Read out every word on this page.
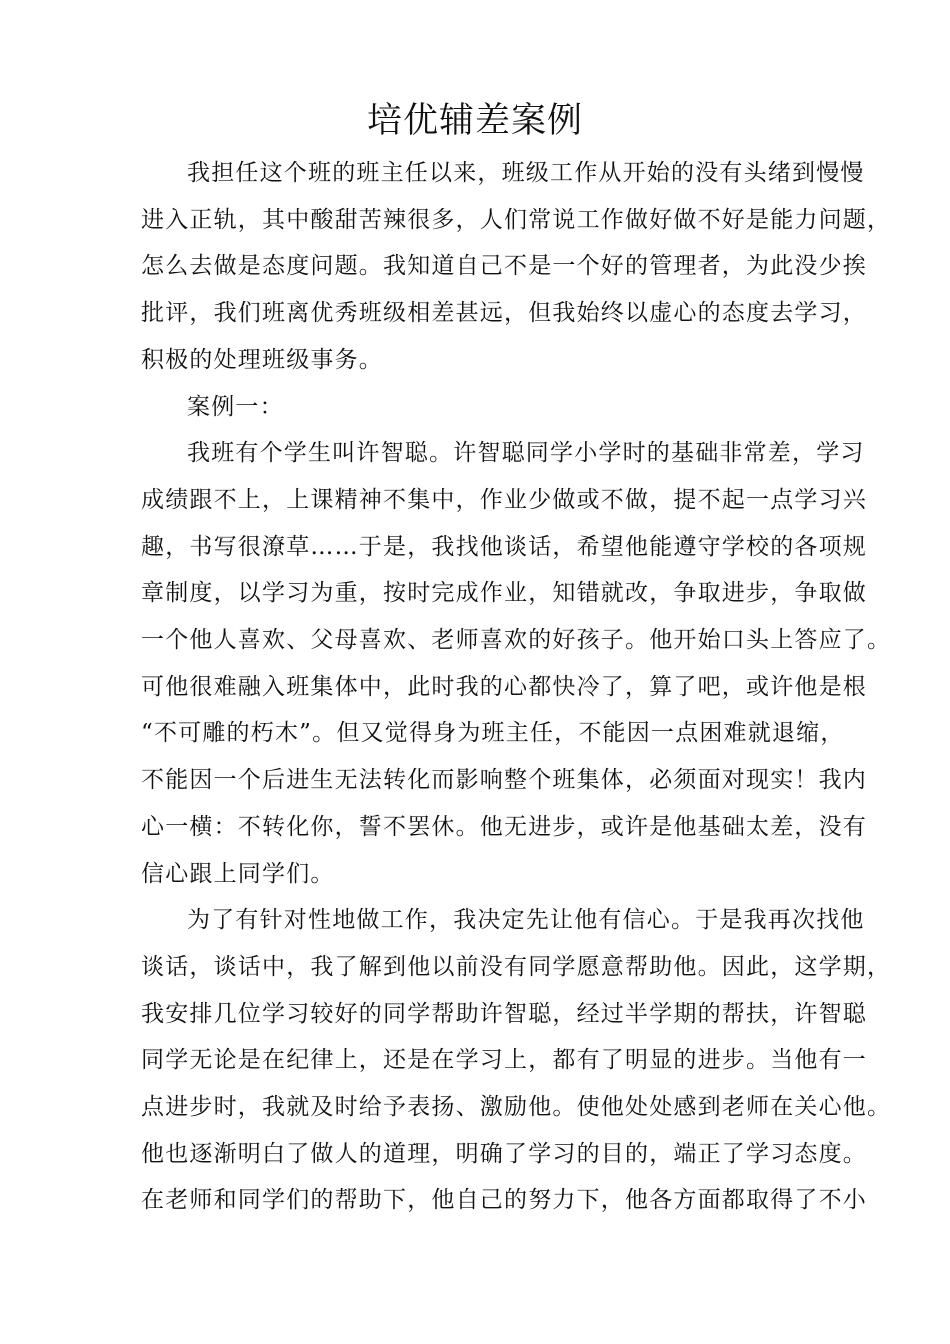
培优辅差案例

我担任这个班的班主任以来，班级工作从开始的没有头绪到慢慢
进入正轨，其中酸甜苦辣很多，人们常说工作做好做不好是能力问题，
怎么去做是态度问题。我知道自己不是一个好的管理者，为此没少挨
批评，我们班离优秀班级相差甚远，但我始终以虚心的态度去学习，
积极的处理班级事务。

案例一：

我班有个学生叫许智聪。许智聪同学小学时的基础非常差，学习
成绩跟不上，上课精神不集中，作业少做或不做，提不起一点学习兴
趣，书写很潦草……于是，我找他谈话，希望他能遵守学校的各项规
章制度，以学习为重，按时完成作业，知错就改，争取进步，争取做
一个他人喜欢、父母喜欢、老师喜欢的好孩子。他开始口头上答应了。
可他很难融入班集体中，此时我的心都快冷了，算了吧，或许他是根
“不可雕的朽木”。但又觉得身为班主任，不能因一点困难就退缩，
不能因一个后进生无法转化而影响整个班集体，必须面对现实！我内
心一横：不转化你，誓不罢休。他无进步，或许是他基础太差，没有
信心跟上同学们。

为了有针对性地做工作，我决定先让他有信心。于是我再次找他
谈话，谈话中，我了解到他以前没有同学愿意帮助他。因此，这学期，
我安排几位学习较好的同学帮助许智聪，经过半学期的帮扶，许智聪
同学无论是在纪律上，还是在学习上，都有了明显的进步。当他有一
点进步时，我就及时给予表扬、激励他。使他处处感到老师在关心他。
他也逐渐明白了做人的道理，明确了学习的目的，端正了学习态度。
在老师和同学们的帮助下，他自己的努力下，他各方面都取得了不小
